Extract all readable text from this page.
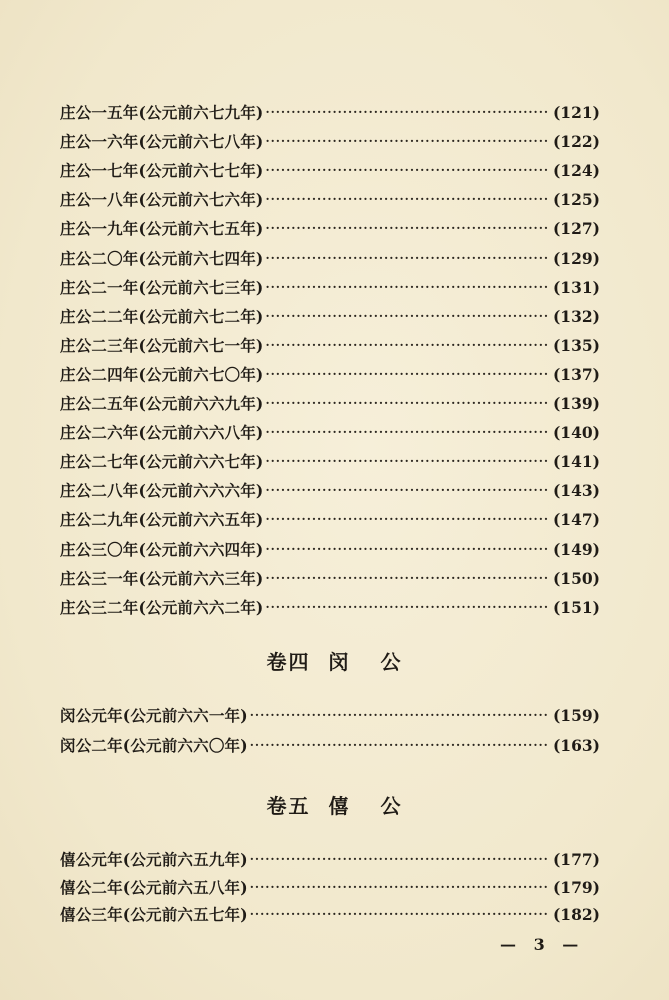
庄公一五年(公元前六七九年) · · ·	(121)
庄公一六年(公元前六七八年) · · ·	(122)
庄公一七年(公元前六七七年) · · ·	(124)
庄公一八年(公元前六七六年) · · ·	(125)
庄公一九年(公元前六七五年) · · ·	(127)
庄公二〇年(公元前六七四年) · · ·	(129)
庄公二一年(公元前六七三年) · · ·	(131)
庄公二二年(公元前六七二年) · · ·	(132)
庄公二三年(公元前六七一年) · · ·	(135)
庄公二四年(公元前六七〇年) · · ·	(137)
庄公二五年(公元前六六九年) · · ·	(139)
庄公二六年(公元前六六八年) · · ·	(140)
庄公二七年(公元前六六七年) · · ·	(141)
庄公二八年(公元前六六六年) · · ·	(143)
庄公二九年(公元前六六五年) · · ·	(147)
庄公三〇年(公元前六六四年) · · ·	(149)
庄公三一年(公元前六六三年) · · ·	(150)
庄公三二年(公元前六六二年) · · ·	(151)
卷四 闵 公
闵公元年(公元前六六一年) · · ·	(159)
闵公二年(公元前六六〇年) · · ·	(163)
卷五 僖 公
僖公元年(公元前六五九年) · · ·	(177)
僖公二年(公元前六五八年) · · ·	(179)
僖公三年(公元前六五七年) · · ·	(182)
— 3 —
